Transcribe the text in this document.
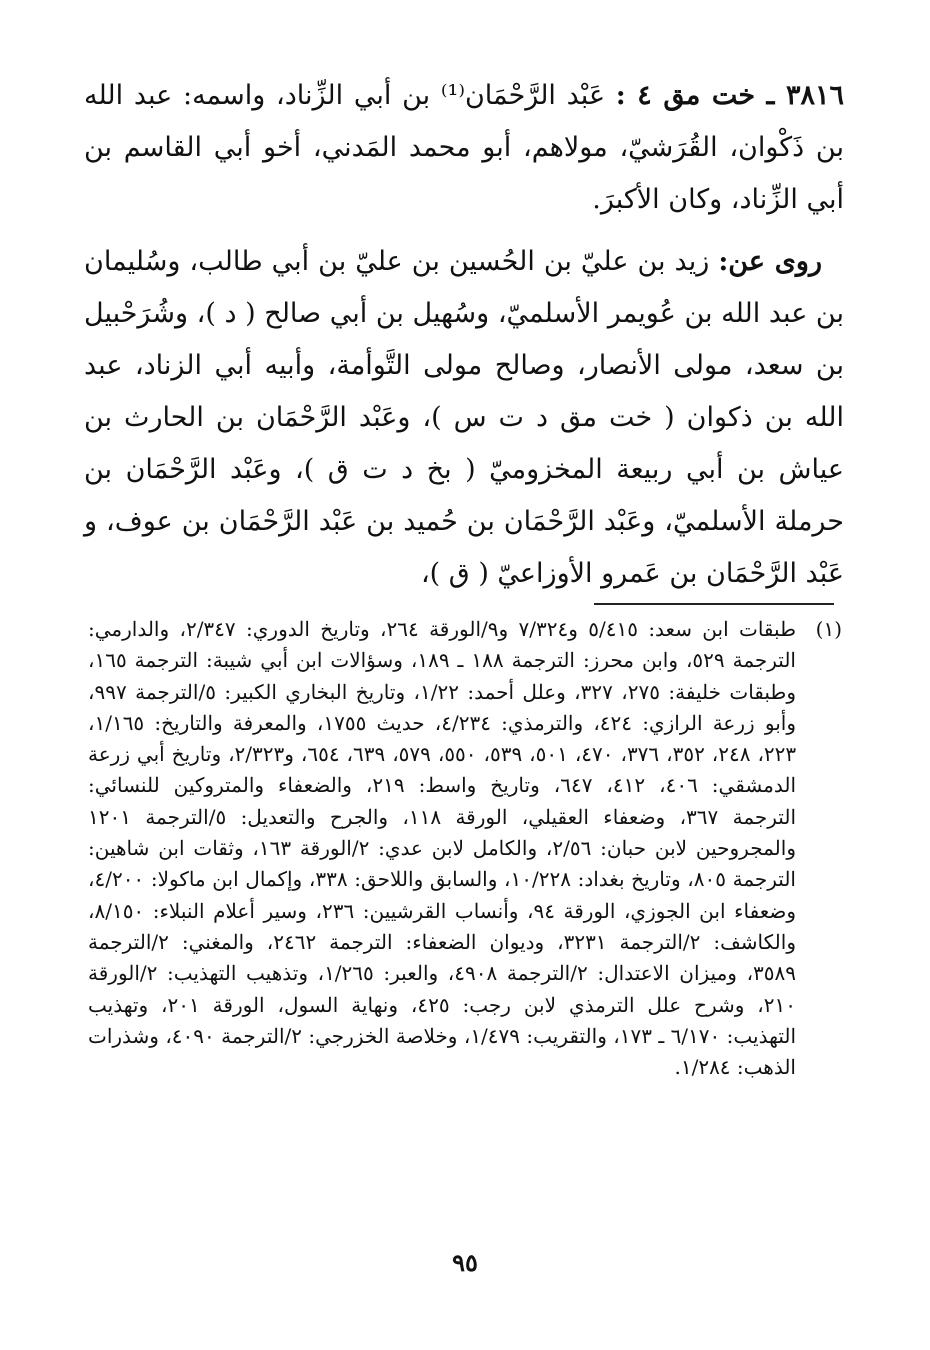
٣٨١٦ ـ خت مق ٤ : عَبْد الرَّحْمَان⁽¹⁾ بن أبي الزِّناد، واسمه: عبد الله بن ذَكْوان، القُرَشيّ، مولاهم، أبو محمد المَدني، أخو أبي القاسم بن أبي الزِّناد، وكان الأكبرَ.

روى عن: زيد بن عليّ بن الحُسين بن عليّ بن أبي طالب، وسُليمان بن عبد الله بن عُويمر الأسلميّ، وسُهيل بن أبي صالح ( د )، وشُرَحْبيل بن سعد، مولى الأنصار، وصالح مولى التَّوأمة، وأبيه أبي الزناد، عبد الله بن ذكوان ( خت مق د ت س )، وعَبْد الرَّحْمَان بن الحارث بن عياش بن أبي ربيعة المخزوميّ ( بخ د ت ق )، وعَبْد الرَّحْمَان بن حرملة الأسلميّ، وعَبْد الرَّحْمَان بن حُميد بن عَبْد الرَّحْمَان بن عوف، و عَبْد الرَّحْمَان بن عَمرو الأوزاعيّ ( ق )،

(١)
طبقات ابن سعد: ٥/٤١٥ و٧/٣٢٤ و٩/الورقة ٢٦٤، وتاريخ الدوري: ٢/٣٤٧، والدارمي: الترجمة ٥٢٩، وابن محرز: الترجمة ١٨٨ ـ ١٨٩، وسؤالات ابن أبي شيبة: الترجمة ١٦٥، وطبقات خليفة: ٢٧٥، ٣٢٧، وعلل أحمد: ١/٢٢، وتاريخ البخاري الكبير: ٥/الترجمة ٩٩٧، وأبو زرعة الرازي: ٤٢٤، والترمذي: ٤/٢٣٤، حديث ١٧٥٥، والمعرفة والتاريخ: ١/١٦٥، ٢٢٣، ٢٤٨، ٣٥٢، ٣٧٦، ٤٧٠، ٥٠١، ٥٣٩، ٥٥٠، ٥٧٩، ٦٣٩، ٦٥٤، و٢/٣٢٣، وتاريخ أبي زرعة الدمشقي: ٤٠٦، ٤١٢، ٦٤٧، وتاريخ واسط: ٢١٩، والضعفاء والمتروكين للنسائي: الترجمة ٣٦٧، وضعفاء العقيلي، الورقة ١١٨، والجرح والتعديل: ٥/الترجمة ١٢٠١ والمجروحين لابن حبان: ٢/٥٦، والكامل لابن عدي: ٢/الورقة ١٦٣، وثقات ابن شاهين: الترجمة ٨٠٥، وتاريخ بغداد: ١٠/٢٢٨، والسابق واللاحق: ٣٣٨، وإكمال ابن ماكولا: ٤/٢٠٠، وضعفاء ابن الجوزي، الورقة ٩٤، وأنساب القرشيين: ٢٣٦، وسير أعلام النبلاء: ٨/١٥٠، والكاشف: ٢/الترجمة ٣٢٣١، وديوان الضعفاء: الترجمة ٢٤٦٢، والمغني: ٢/الترجمة ٣٥٨٩، وميزان الاعتدال: ٢/الترجمة ٤٩٠٨، والعبر: ١/٢٦٥، وتذهيب التهذيب: ٢/الورقة ٢١٠، وشرح علل الترمذي لابن رجب: ٤٢٥، ونهاية السول، الورقة ٢٠١، وتهذيب التهذيب: ٦/١٧٠ ـ ١٧٣، والتقريب: ١/٤٧٩، وخلاصة الخزرجي: ٢/الترجمة ٤٠٩٠، وشذرات الذهب: ١/٢٨٤.
٩٥
